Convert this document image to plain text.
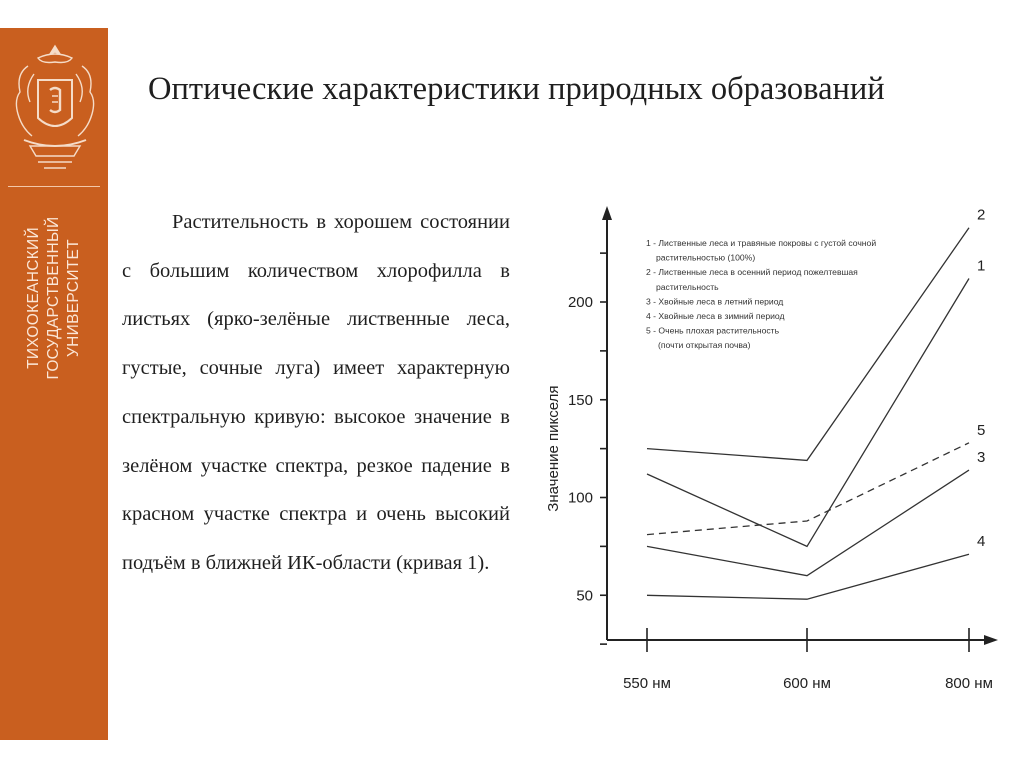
ТИХООКЕАНСКИЙ ГОСУДАРСТВЕННЫЙ УНИВЕРСИТЕТ
Оптические характеристики природных образований

Растительность в хорошем состоянии с большим количеством хлорофилла в листьях (ярко-зелёные лиственные леса, густые, сочные луга) имеет характерную спектральную кривую: высокое значение в зелёном участке спектра, резкое падение в красном участке спектра и очень высокий подъём в ближней ИК-области (кривая 1).

50
100
150
200
550 нм	600 нм	800 нм
Значение пикселя
1
2
3
4
5
1 - Лиственные леса и травяные покровы с густой сочной
растительностью (100%)
2 - Лиственные леса в осенний период пожелтевшая
растительность
3 - Хвойные леса в летний период
4 - Хвойные леса в зимний период
5 - Очень плохая растительность
(почти открытая почва)
